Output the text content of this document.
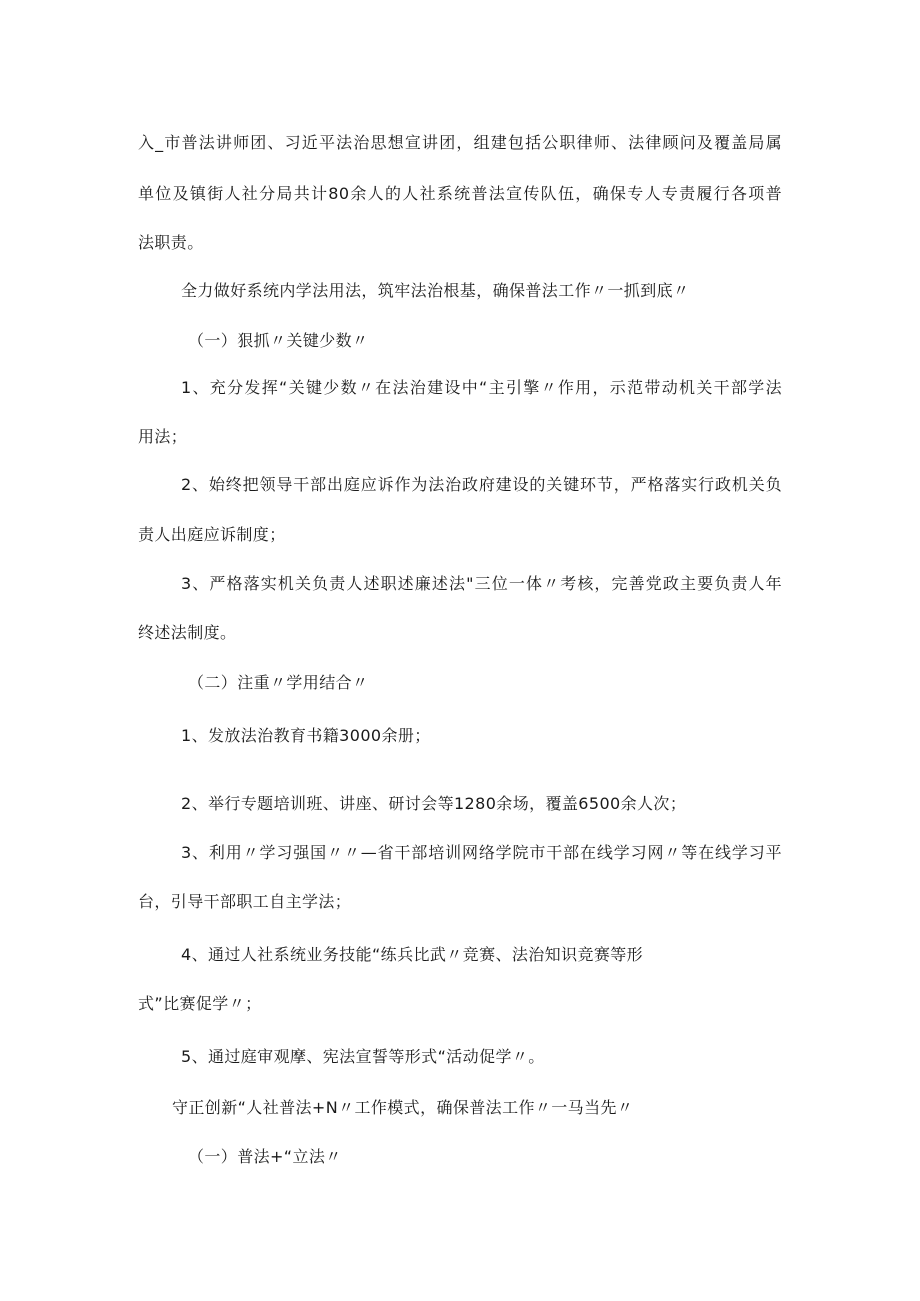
入_市普法讲师团、习近平法治思想宣讲团，组建包括公职律师、法律顾问及覆盖局属
单位及镇街人社分局共计80余人的人社系统普法宣传队伍，确保专人专责履行各项普
法职责。
全力做好系统内学法用法，筑牢法治根基，确保普法工作〃一抓到底〃
（一）狠抓〃关键少数〃
1、充分发挥“关键少数〃在法治建设中“主引擎〃作用，示范带动机关干部学法
用法；
2、始终把领导干部出庭应诉作为法治政府建设的关键环节，严格落实行政机关负
责人出庭应诉制度；
3、严格落实机关负责人述职述廉述法"三位一体〃考核，完善党政主要负责人年
终述法制度。
（二）注重〃学用结合〃
1、发放法治教育书籍3000余册；
2、举行专题培训班、讲座、研讨会等1280余场，覆盖6500余人次；
3、利用〃学习强国〃〃—省干部培训网络学院市干部在线学习网〃等在线学习平
台，引导干部职工自主学法；
4、通过人社系统业务技能“练兵比武〃竞赛、法治知识竞赛等形
式”比赛促学〃；
5、通过庭审观摩、宪法宣誓等形式“活动促学〃。
守正创新“人社普法+N〃工作模式，确保普法工作〃一马当先〃
（一）普法+“立法〃
